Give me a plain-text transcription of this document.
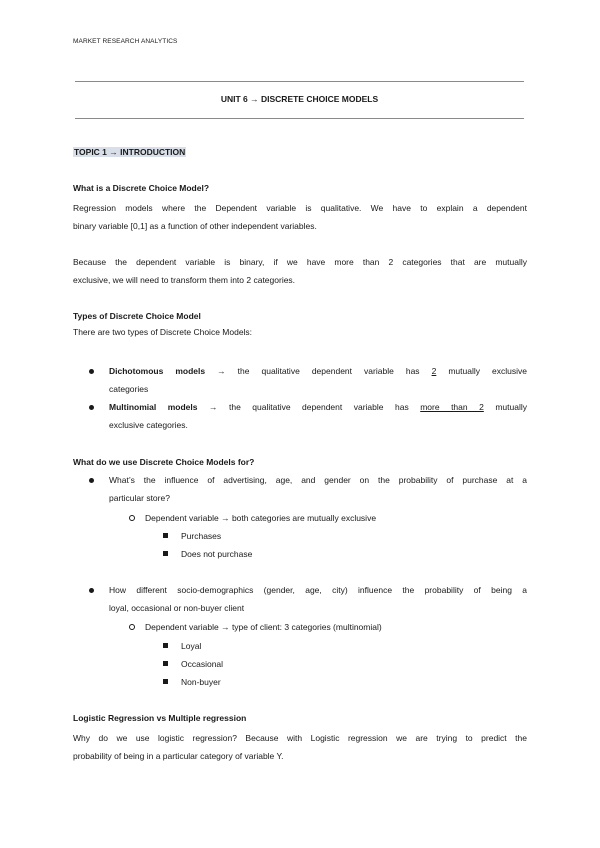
MARKET RESEARCH ANALYTICS
UNIT 6 → DISCRETE CHOICE MODELS
TOPIC 1 → INTRODUCTION
What is a Discrete Choice Model?
Regression models where the Dependent variable is qualitative. We have to explain a dependent
binary variable [0,1] as a function of other independent variables.
Because the dependent variable is binary, if we have more than 2 categories that are mutually
exclusive, we will need to transform them into 2 categories.
Types of Discrete Choice Model
There are two types of Discrete Choice Models:
Dichotomous models → the qualitative dependent variable has 2 mutually exclusive
categories
Multinomial models → the qualitative dependent variable has more than 2 mutually
exclusive categories.
What do we use Discrete Choice Models for?
What’s the influence of advertising, age, and gender on the probability of purchase at a
particular store?
Dependent variable → both categories are mutually exclusive
Purchases
Does not purchase
How different socio-demographics (gender, age, city) influence the probability of being a
loyal, occasional or non-buyer client
Dependent variable → type of client: 3 categories (multinomial)
Loyal
Occasional
Non-buyer
Logistic Regression vs Multiple regression
Why do we use logistic regression? Because with Logistic regression we are trying to predict the
probability of being in a particular category of variable Y.
